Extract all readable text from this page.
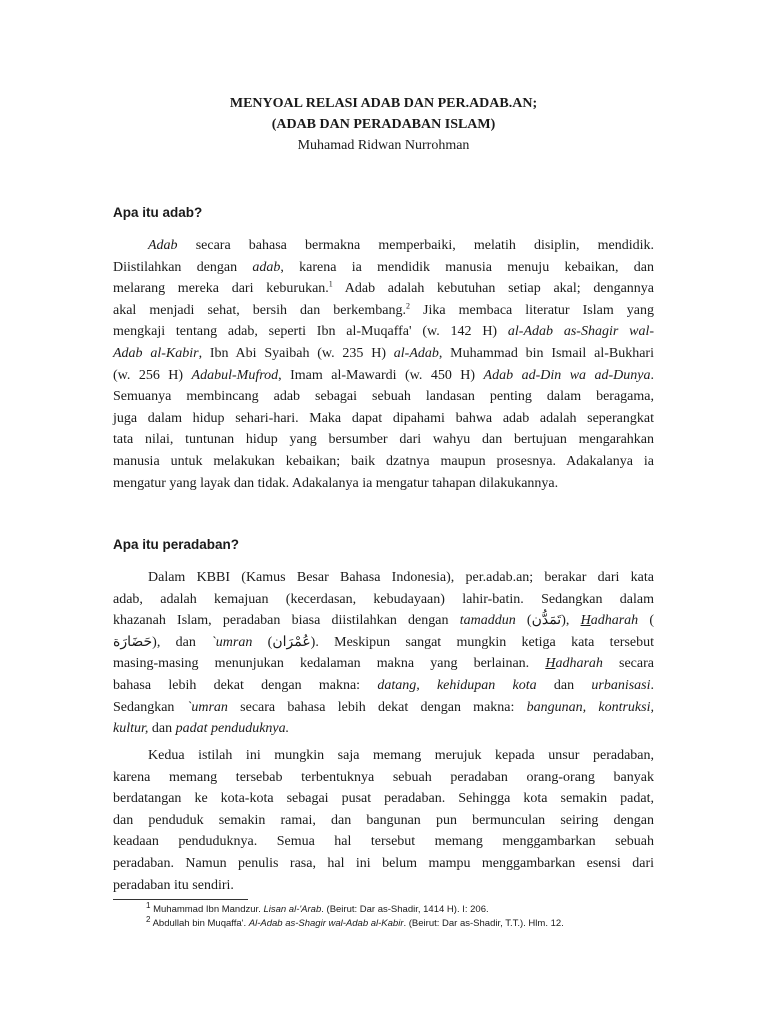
MENYOAL RELASI ADAB DAN PER.ADAB.AN;
(ADAB DAN PERADABAN ISLAM)
Muhamad Ridwan Nurrohman
Apa itu adab?
Adab secara bahasa bermakna memperbaiki, melatih disiplin, mendidik.
Diistilahkan dengan adab, karena ia mendidik manusia menuju kebaikan, dan
melarang mereka dari keburukan.$^1$ Adab adalah kebutuhan setiap akal; dengannya
akal menjadi sehat, bersih dan berkembang.$^2$ Jika membaca literatur Islam yang
mengkaji tentang adab, seperti Ibn al-Muqaffa' (w. 142 H) al-Adab as-Shagir wal-
Adab al-Kabir, Ibn Abi Syaibah (w. 235 H) al-Adab, Muhammad bin Ismail al-Bukhari
(w. 256 H) Adabul-Mufrod, Imam al-Mawardi (w. 450 H) Adab ad-Din wa ad-Dunya.
Semuanya membincang adab sebagai sebuah landasan penting dalam beragama,
juga dalam hidup sehari-hari. Maka dapat dipahami bahwa adab adalah seperangkat
tata nilai, tuntunan hidup yang bersumber dari wahyu dan bertujuan mengarahkan
manusia untuk melakukan kebaikan; baik dzatnya maupun prosesnya. Adakalanya ia
mengatur yang layak dan tidak. Adakalanya ia mengatur tahapan dilakukannya.
Apa itu peradaban?
Dalam KBBI (Kamus Besar Bahasa Indonesia), per.adab.an; berakar dari kata
adab, adalah kemajuan (kecerdasan, kebudayaan) lahir-batin. Sedangkan dalam
khazanah Islam, peradaban biasa diistilahkan dengan tamaddun (تَمَدُّن), Hadharah (
حَضَارَة), dan `umran (عُمْرَان). Meskipun sangat mungkin ketiga kata tersebut
masing-masing menunjukan kedalaman makna yang berlainan. Hadharah secara
bahasa lebih dekat dengan makna: datang, kehidupan kota dan urbanisasi.
Sedangkan `umran secara bahasa lebih dekat dengan makna: bangunan, kontruksi,
kultur, dan padat penduduknya.
Kedua istilah ini mungkin saja memang merujuk kepada unsur peradaban,
karena memang tersebab terbentuknya sebuah peradaban orang-orang banyak
berdatangan ke kota-kota sebagai pusat peradaban. Sehingga kota semakin padat,
dan penduduk semakin ramai, dan bangunan pun bermunculan seiring dengan
keadaan penduduknya. Semua hal tersebut memang menggambarkan sebuah
peradaban. Namun penulis rasa, hal ini belum mampu menggambarkan esensi dari
peradaban itu sendiri.
$^1$ Muhammad Ibn Mandzur. Lisan al-'Arab. (Beirut: Dar as-Shadir, 1414 H). I: 206.
$^2$ Abdullah bin Muqaffa'. Al-Adab as-Shagir wal-Adab al-Kabir. (Beirut: Dar as-Shadir, T.T.). Hlm. 12.
